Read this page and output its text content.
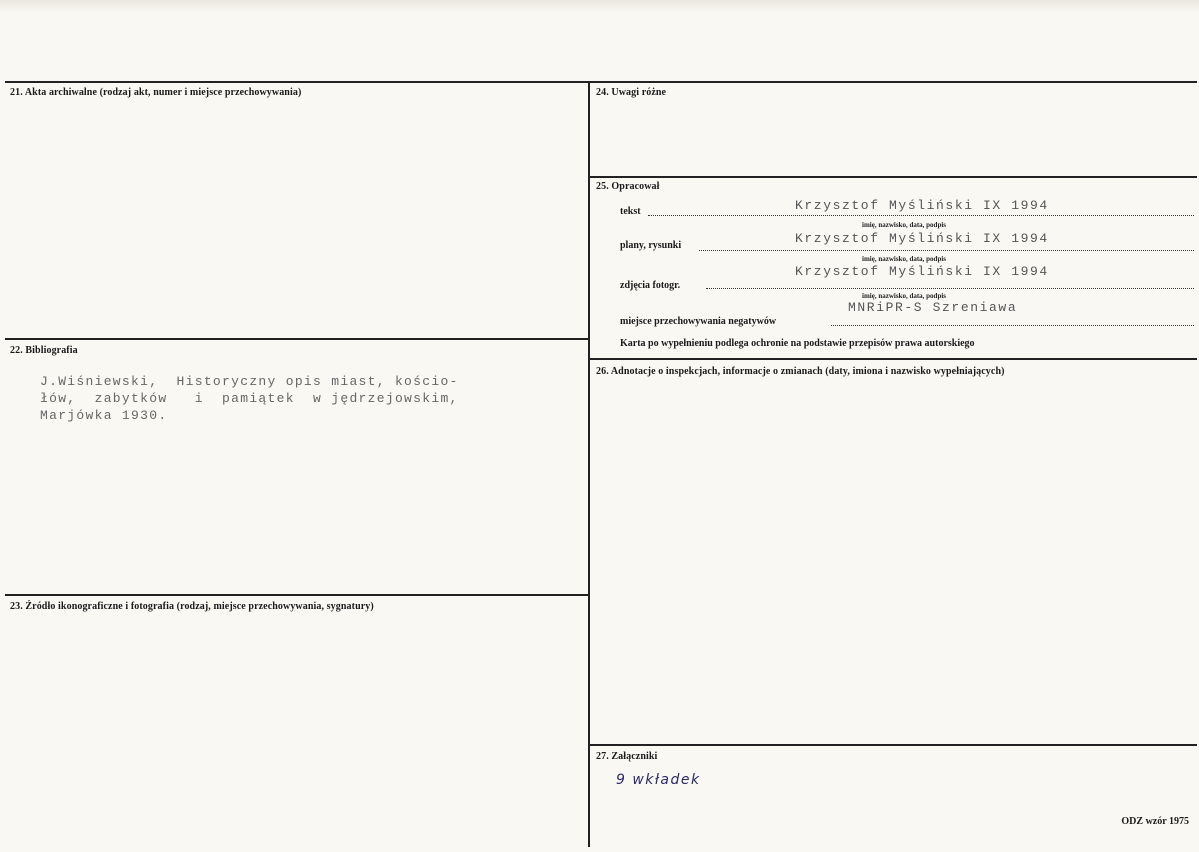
21. Akta archiwalne (rodzaj akt, numer i miejsce przechowywania)
22. Bibliografia
J.Wiśniewski,  Historyczny opis miast, kościo-
łów,  zabytków   i  pamiątek  w jędrzejowskim,
Marjówka 1930.
23. Źródło ikonograficzne i fotografia (rodzaj, miejsce przechowywania, sygnatury)
24. Uwagi różne
25. Opracował
tekst	Krzysztof Myśliński IX 1994
imię, nazwisko, data, podpis
plany, rysunki	Krzysztof Myśliński IX 1994
imię, nazwisko, data, podpis
zdjęcia fotogr.
Krzysztof Myśliński IX 1994
imię, nazwisko, data, podpis
miejsce przechowywania negatywów
MNRiPR-S Szreniawa
Karta po wypełnieniu podlega ochronie na podstawie przepisów prawa autorskiego
26. Adnotacje o inspekcjach, informacje o zmianach (daty, imiona i nazwisko wypełniających)
27. Załączniki
9 wkładek
ODZ wzór 1975
